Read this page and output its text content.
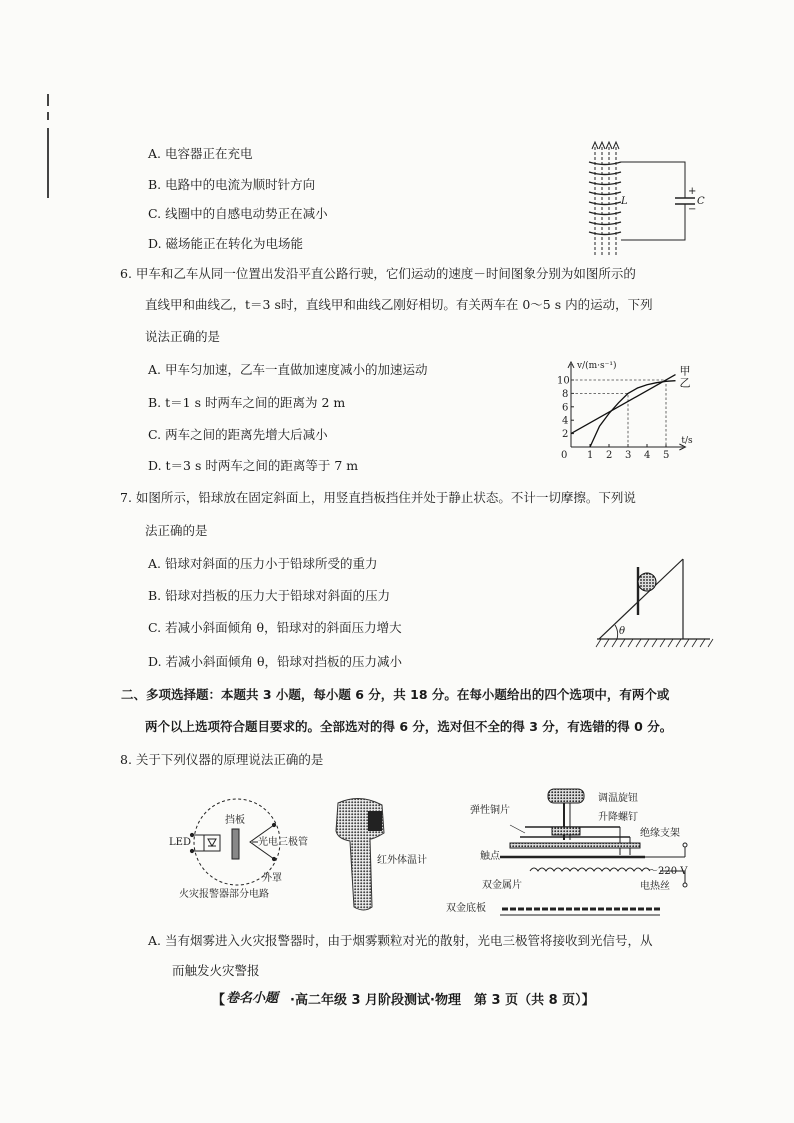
A. 电容器正在充电
B. 电路中的电流为顺时针方向
C. 线圈中的自感电动势正在减小
D. 磁场能正在转化为电场能
L
+
−
C
6. 甲车和乙车从同一位置出发沿平直公路行驶，它们运动的速度－时间图象分别为如图所示的
直线甲和曲线乙，t＝3 s时，直线甲和曲线乙刚好相切。有关两车在 0～5 s 内的运动，下列
说法正确的是
A. 甲车匀加速，乙车一直做加速度减小的加速运动
B. t＝1 s 时两车之间的距离为 2 m
C. 两车之间的距离先增大后减小
D. t＝3 s 时两车之间的距离等于 7 m
0 1 2 3 4 5
2
4
6
8
10
甲
乙
v/(m·s⁻¹)
t/s
7. 如图所示，铅球放在固定斜面上，用竖直挡板挡住并处于静止状态。不计一切摩擦。下列说
法正确的是
A. 铅球对斜面的压力小于铅球所受的重力
B. 铅球对挡板的压力大于铅球对斜面的压力
C. 若减小斜面倾角 θ，铅球对的斜面压力增大
D. 若减小斜面倾角 θ，铅球对挡板的压力减小
θ
二、多项选择题：本题共 3 小题，每小题 6 分，共 18 分。在每小题给出的四个选项中，有两个或
两个以上选项符合题目要求的。全部选对的得 6 分，选对但不全的得 3 分，有选错的得 0 分。
8. 关于下列仪器的原理说法正确的是
LED
挡板
光电三极管
外罩
火灾报警器部分电路
红外体温计
调温旋钮
升降螺钉
弹性铜片
绝缘支架
触点
～220 V
双金属片	电热丝
双金底板
A. 当有烟雾进入火灾报警器时，由于烟雾颗粒对光的散射，光电三极管将接收到光信号，从
而触发火灾警报
【 卷名小题 ·高二年级 3 月阶段测试·物理　第 3 页（共 8 页）】
